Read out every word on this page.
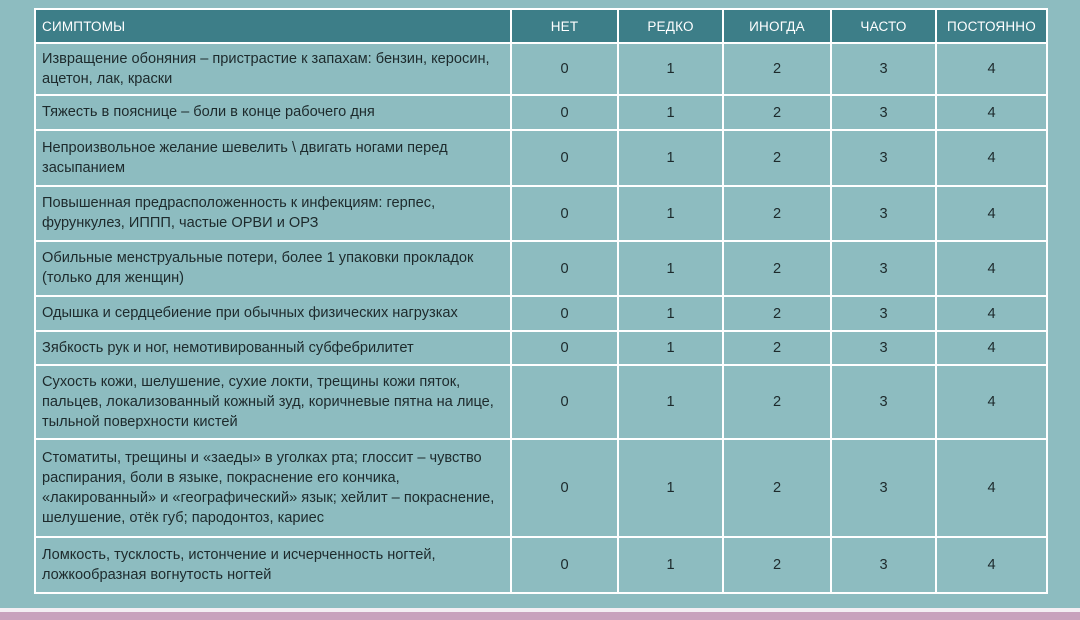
СИМПТОМЫ	НЕТ	РЕДКО	ИНОГДА	ЧАСТО	ПОСТОЯННО
Извращение обоняния – пристрастие к запахам: бензин, керосин, ацетон, лак, краски	0	1	2	3	4
Тяжесть в пояснице – боли в конце рабочего дня	0	1	2	3	4
Непроизвольное желание шевелить \ двигать ногами перед засыпанием	0	1	2	3	4
Повышенная предрасположенность к инфекциям: герпес, фурункулез, ИППП, частые ОРВИ и ОРЗ	0	1	2	3	4
Обильные менструальные потери, более 1 упаковки прокладок (только для женщин)	0	1	2	3	4
Одышка и сердцебиение при обычных физических нагрузках	0	1	2	3	4
Зябкость рук и ног, немотивированный субфебрилитет	0	1	2	3	4
Сухость кожи, шелушение, сухие локти, трещины кожи пяток, пальцев, локализованный кожный зуд, коричневые пятна на лице, тыльной поверхности кистей	0	1	2	3	4
Стоматиты, трещины и «заеды» в уголках рта; глоссит – чувство распирания, боли в языке, покраснение его кончика, «лакированный» и «географический» язык; хейлит – покраснение, шелушение, отёк губ; пародонтоз, кариес	0	1	2	3	4
Ломкость, тусклость, истончение и исчерченность ногтей, ложкообразная вогнутость ногтей	0	1	2	3	4
